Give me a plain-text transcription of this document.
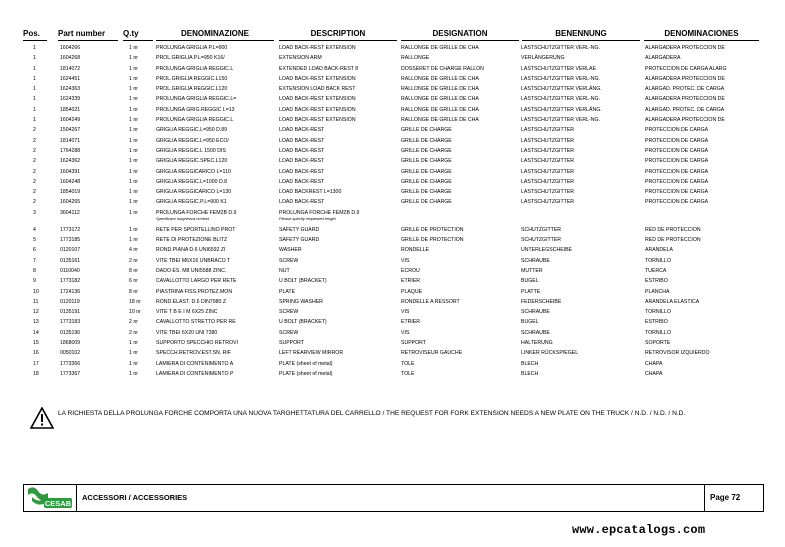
Pos.	Part number	Q.ty	DENOMINAZIONE	DESCRIPTION	DESIGNATION	BENENNUNG	DENOMINACIONES
1	1604266	1 nr	PROLUNGA GRIGLIA P.L=900	LOAD BACK-REST EXTENSION	RALLONGE DE GRILLE DE CHA	LASTSCHUTZGITTER VERL-NG.	ALARGADERA PROTECCION DE
1	1604268	1 nr	PROL.GRIGLIA P.L=950 K16/	EXTENSION ARM	RALLONGE	VERLÄNGERUNG	ALARGADERA
1	1814072	1 nr	PROLUNGA GRIGLIA REGGIC.L	EXTENDED LOAD BACK-REST 8	DOSSERET DE CHARGE RALLON	LASTSCHUTZGITTER VERLAE	PROTECCION DE CARGA ALARG
1	1624451	1 nr	PROL.GRIGLIA REGGIC.L150	LOAD BACK-REST EXTENSION	RALLONGE DE GRILLE DE CHA	LASTSCHUTZGITTER VERL-NG.	ALARGADERA PROTECCION DE
1	1624363	1 nr	PROL.GRIGLIA REGGIC.L120	EXTENSION LOAD BACK REST	RALLONGE DE GRILLE DE CHA	LASTSCHUTZGITTER VERLÄNG.	ALARGAD. PROTEC. DE CARGA
1	1624339	1 nr	PROLUNGA GRIGLIA REGGIC.L=	LOAD BACK-REST EXTENSION	RALLONGE DE GRILLE DE CHA	LASTSCHUTZGITTER VERL-NG.	ALARGADERA PROTECCION DE
1	1854021	1 nr	PROLUNGA GRIG.REGGIC L=13	LOAD BACK-REST EXTENSION	RALLONGE DE GRILLE DE CHA	LASTSCHUTZGITTER VERLÄNG.	ALARGAD. PROTEC. DE CARGA
1	1604249	1 nr	PROLUNGA GRIGLIA REGGIC.L	LOAD BACK-REST EXTENSION	RALLONGE DE GRILLE DE CHA	LASTSCHUTZGITTER VERL-NG.	ALARGADERA PROTECCION DE
2	1504267	1 nr	GRIGLIA REGGIC.L=950 D.89	LOAD BACK-REST	GRILLE DE CHARGE	LASTSCHUTZGITTER	PROTECCION DE CARGA
2	1814071	1 nr	GRIGLIA REGGIC.L=950 ECO/	LOAD BACK-REST	GRILLE DE CHARGE	LASTSCHUTZGITTER	PROTECCION DE CARGA
2	1764288	1 nr	GRIGLIA REGGIC.L 1500 DIS	LOAD BACK-REST	GRILLE DE CHARGE	LASTSCHUTZGITTER	PROTECCION DE CARGA
2	1624362	1 nr	GRIGLIA REGGIC.SPEC.L120	LOAD BACK-REST	GRILLE DE CHARGE	LASTSCHUTZGITTER	PROTECCION DE CARGA
2	1604391	1 nr	GRIGLIA REGGICARICO L=110	LOAD BACK-REST	GRILLE DE CHARGE	LASTSCHUTZGITTER	PROTECCION DE CARGA
2	1604248	1 nr	GRIGLIA REGGIC.L=1000 D.8	LOAD BACK-REST	GRILLE DE CHARGE	LASTSCHUTZGITTER	PROTECCION DE CARGA
2	1854019	1 nr	GRIGLIA REGGICARICO L=130	LOAD BACKREST L=1300	GRILLE DE CHARGE	LASTSCHUTZGITTER	PROTECCION DE CARGA
2	1604265	1 nr	GRIGLIA REGGIC.P.L=900 K1	LOAD BACK-REST	GRILLE DE CHARGE	LASTSCHUTZGITTER	PROTECCION DE CARGA
3	3604112	1 nr	PROLUNGA FORCHE FEM2B D.9	PROLUNGA FORCHE FEM2B D.9
Specificare lunghezza richiest	Please specify requested length
4	1773172	1 nr	RETE PER SPORTELLINO PROT	SAFETY GUARD	GRILLE DE PROTECTION	SCHUTZGITTER	RED DE PROTECCION
5	1773185	1 nr	RETE DI PROTEZIONE BLITZ	SAFETY GUARD	GRILLE DE PROTECTION	SCHUTZGITTER	RED DE PROTECCION
6	0120107	4 nr	ROND.PIANA D.6 UNI6592 ZI	WASHER	RONDELLE	UNTERLEGSCHEIBE	ARANDELA
7	0135161	2 nr	VITE TBEI M6X16 UNBRACO T	SCREW	VIS	SCHRAUBE	TORNILLO
8	0110040	8 nr	DADO ES. M8 UNI5588 ZINC.	NUT	ECROU	MUTTER	TUERCA
9	1773182	6 nr	CAVALLOTTO LARGO PER RETE	U BOLT (BRACKET)	ETRIER	BUGEL	ESTRIBO
10	1724136	8 nr	PIASTRINA FISS.PROTEZ.MON	PLATE	PLAQUE	PLATTE	PLANCHA
11	0120119	18 nr	ROND.ELAST. D.6 DIN7980 Z	SPRING WASHER	RONDELLE A RESSORT	FEDERSCHEIBE	ARANDELA ELASTICA
12	0135191	10 nr	VITE T B E I M 6X25 ZINC	SCREW	VIS	SCHRAUBE	TORNILLO
13	1773183	2 nr	CAVALLOTTO STRETTO PER RE	U BOLT (BRACKET)	ETRIER	BUGEL	ESTRIBO
14	0135196	2 nr	VITE TBEI 6X20 UNI 7380	SCREW	VIS	SCHRAUBE	TORNILLO
15	1868009	1 nr	SUPPORTO SPECCHIO RETROVI	SUPPORT	SUPPORT	HALTERUNG	SOPORTE
16	0050102	1 nr	SPECCH.RETROV.EST.SN. RIF	LEFT REARVIEW MIRROR	RETROVISEUR GAUCHE	LINKER RÜCKSPIEGEL	RETROVISOR IZQUIERDO
17	1773366	1 nr	LAMIERA DI CONTENIMENTO A	PLATE (sheet of metal)	TOLE	BLECH	CHAPA
18	1773367	1 nr	LAMIERA DI CONTENIMENTO P	PLATE (sheet of metal)	TOLE	BLECH	CHAPA
LA RICHIESTA DELLA PROLUNGA FORCHE COMPORTA UNA NUOVA TARGHETTATURA DEL CARRELLO / THE REQUEST FOR FORK EXTENSION NEEDS A NEW PLATE ON THE TRUCK / N.D. / N.D. / N.D.
CESAB
ACCESSORI / ACCESSORIES	Page 72
www.epcatalogs.com
